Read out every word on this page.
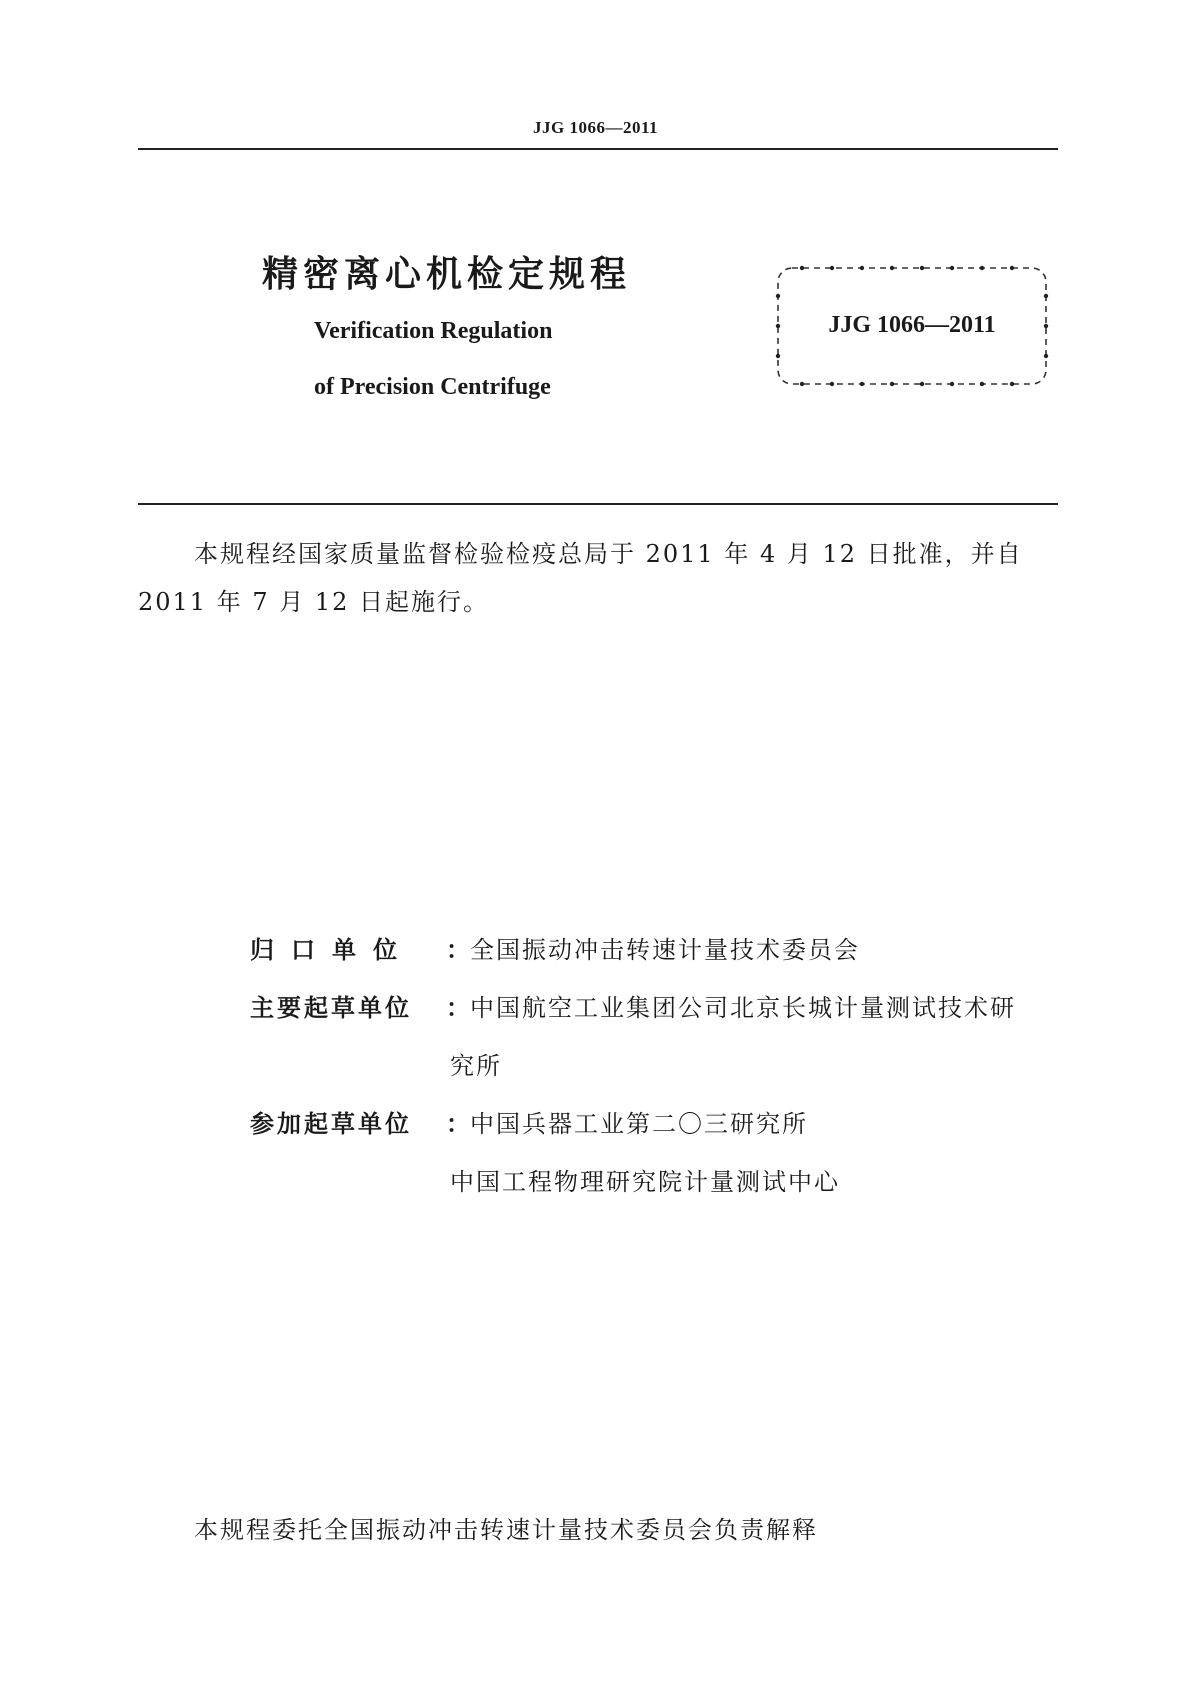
JJG 1066—2011
精密离心机检定规程
Verification Regulation
of Precision Centrifuge
JJG 1066—2011
本规程经国家质量监督检验检疫总局于 2011 年 4 月 12 日批准，并自 2011 年 7 月 12 日起施行。
归口单位	： 全国振动冲击转速计量技术委员会
主要起草单位	： 中国航空工业集团公司北京长城计量测试技术研
究所
参加起草单位	： 中国兵器工业第二〇三研究所
中国工程物理研究院计量测试中心
本规程委托全国振动冲击转速计量技术委员会负责解释
